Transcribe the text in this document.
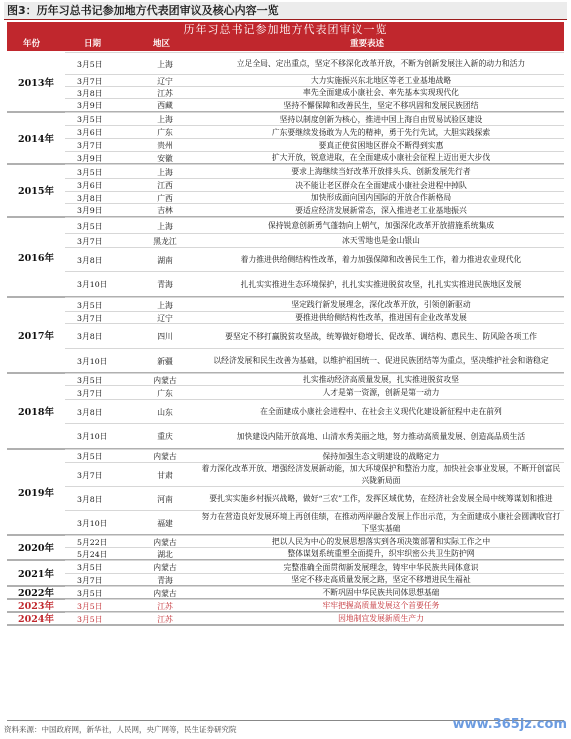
图3：历年习总书记参加地方代表团审议及核心内容一览
历年习总书记参加地方代表团审议一览
年份	日期	地区	重要表述
2013年
3月5日	上海	立足全局、定出重点，坚定不移深化改革开放，不断为创新发展注入新的动力和活力
3月7日	辽宁	大力实施振兴东北地区等老工业基地战略
3月8日	江苏	率先全面建成小康社会、率先基本实现现代化
3月9日	西藏	坚持不懈保障和改善民生，坚定不移巩固和发展民族团结
2014年
3月5日	上海	坚持以制度创新为核心，推进中国上海自由贸易试验区建设
3月6日	广东	广东要继续发扬敢为人先的精神，勇于先行先试，大胆实践探索
3月7日	贵州	要真正使贫困地区群众不断得到实惠
3月9日	安徽	扩大开放，锐意进取，在全面建成小康社会征程上迈出更大步伐
2015年
3月5日	上海	要求上海继续当好改革开放排头兵、创新发展先行者
3月6日	江西	决不能让老区群众在全面建成小康社会进程中掉队
3月8日	广西	加快形成面向国内国际的开放合作新格局
3月9日	吉林	要适应经济发展新常态，深入推进老工业基地振兴
2016年
3月5日	上海	保持锐意创新勇气蓬勃向上朝气，加强深化改革开放措施系统集成
3月7日	黑龙江	冰天雪地也是金山银山
3月8日	湖南	着力推进供给侧结构性改革，着力加强保障和改善民生工作，着力推进农业现代化
3月10日	青海	扎扎实实推进生态环境保护，扎扎实实推进脱贫攻坚，扎扎实实推进民族地区发展
2017年
3月5日	上海	坚定践行新发展理念，深化改革开放，引领创新驱动
3月7日	辽宁	要推进供给侧结构性改革，推进国有企业改革发展
3月8日	四川	要坚定不移打赢脱贫攻坚战，统筹做好稳增长、促改革、调结构、惠民生、防风险各项工作
3月10日	新疆	以经济发展和民生改善为基础，以维护祖国统一、促进民族团结等为重点，坚决维护社会和谐稳定
2018年
3月5日	内蒙古	扎实推动经济高质量发展，扎实推进脱贫攻坚
3月7日	广东	人才是第一资源，创新是第一动力
3月8日	山东	在全面建成小康社会进程中、在社会主义现代化建设新征程中走在前列
3月10日	重庆	加快建设内陆开放高地、山清水秀美丽之地，努力推动高质量发展、创造高品质生活
2019年
3月5日	内蒙古	保持加强生态文明建设的战略定力
3月7日	甘肃
着力深化改革开放、增强经济发展新动能，加大环境保护和整治力度，加快社会事业发展，不断开创富民兴陇新局面
3月8日	河南	要扎实实施乡村振兴战略，做好“三农”工作，发挥区域优势，在经济社会发展全局中统筹谋划和推进
3月10日	福建
努力在营造良好发展环境上再创佳绩，在推动两岸融合发展上作出示范，为全面建成小康社会圆满收官打下坚实基础
2020年
5月22日	内蒙古	把以人民为中心的发展思想落实到各项决策部署和实际工作之中
5月24日	湖北	整体谋划系统重塑全面提升，织牢织密公共卫生防护网
2021年
3月5日	内蒙古	完整准确全面贯彻新发展理念，铸牢中华民族共同体意识
3月7日	青海	坚定不移走高质量发展之路，坚定不移增进民生福祉
2022年	3月5日	内蒙古	不断巩固中华民族共同体思想基础
2023年	3月5日	江苏	牢牢把握高质量发展这个首要任务
2024年	3月5日	江苏	因地制宜发展新质生产力
资料来源：中国政府网，新华社，人民网，央广网等，民生证券研究院	www.365jz.com
